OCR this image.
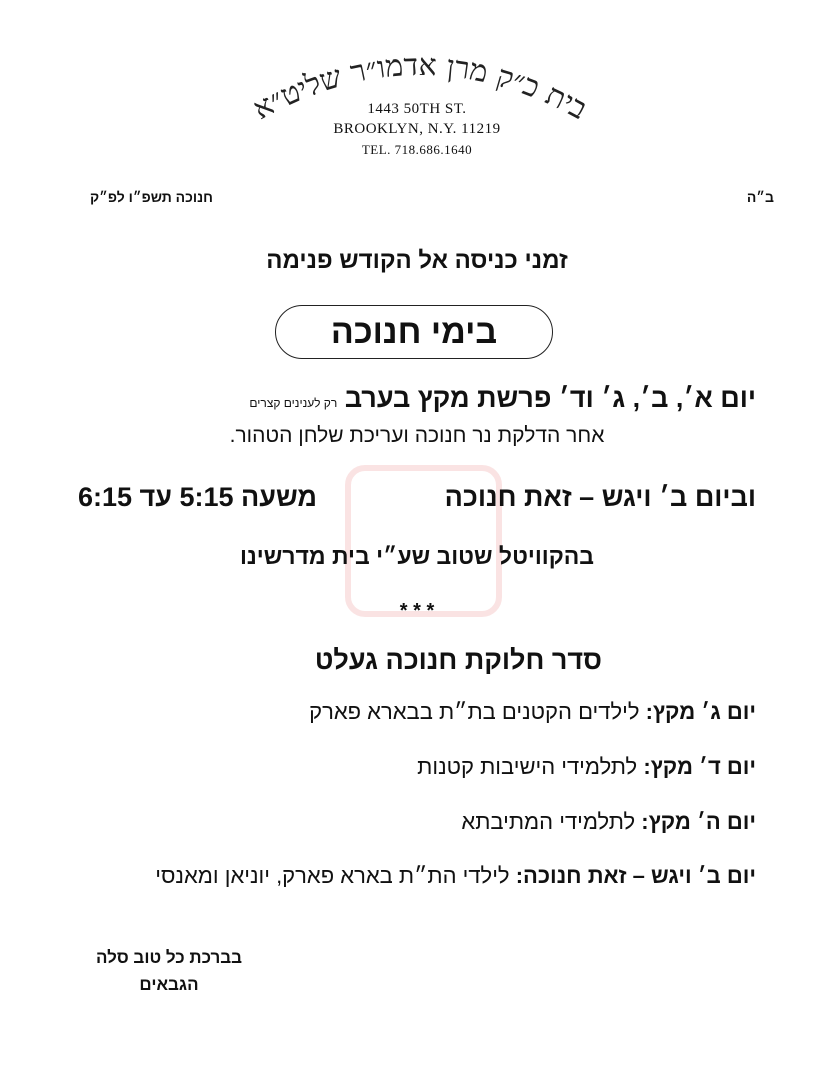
בית כ״ק מרן אדמו״ר שליט״א
1443 50TH ST.
BROOKLYN, N.Y. 11219
TEL. 718.686.1640
ב״ה
חנוכה תשפ״ו לפ״ק
זמני כניסה אל הקודש פנימה
בימי חנוכה
יום א׳, ב׳, ג׳ וד׳ פרשת מקץ בערב רק לענינים קצרים
אחר הדלקת נר חנוכה ועריכת שלחן הטהור.
וביום ב׳ ויגש – זאת חנוכה
משעה 5:15 עד 6:15
בהקוויטל שטוב שע״י בית מדרשינו
* * *
סדר חלוקת חנוכה געלט
יום ג׳ מקץ: לילדים הקטנים בת״ת בבארא פארק
יום ד׳ מקץ: לתלמידי הישיבות קטנות
יום ה׳ מקץ: לתלמידי המתיבתא
יום ב׳ ויגש – זאת חנוכה: לילדי הת״ת בארא פארק, יוניאן ומאנסי
בברכת כל טוב סלה
הגבאים
